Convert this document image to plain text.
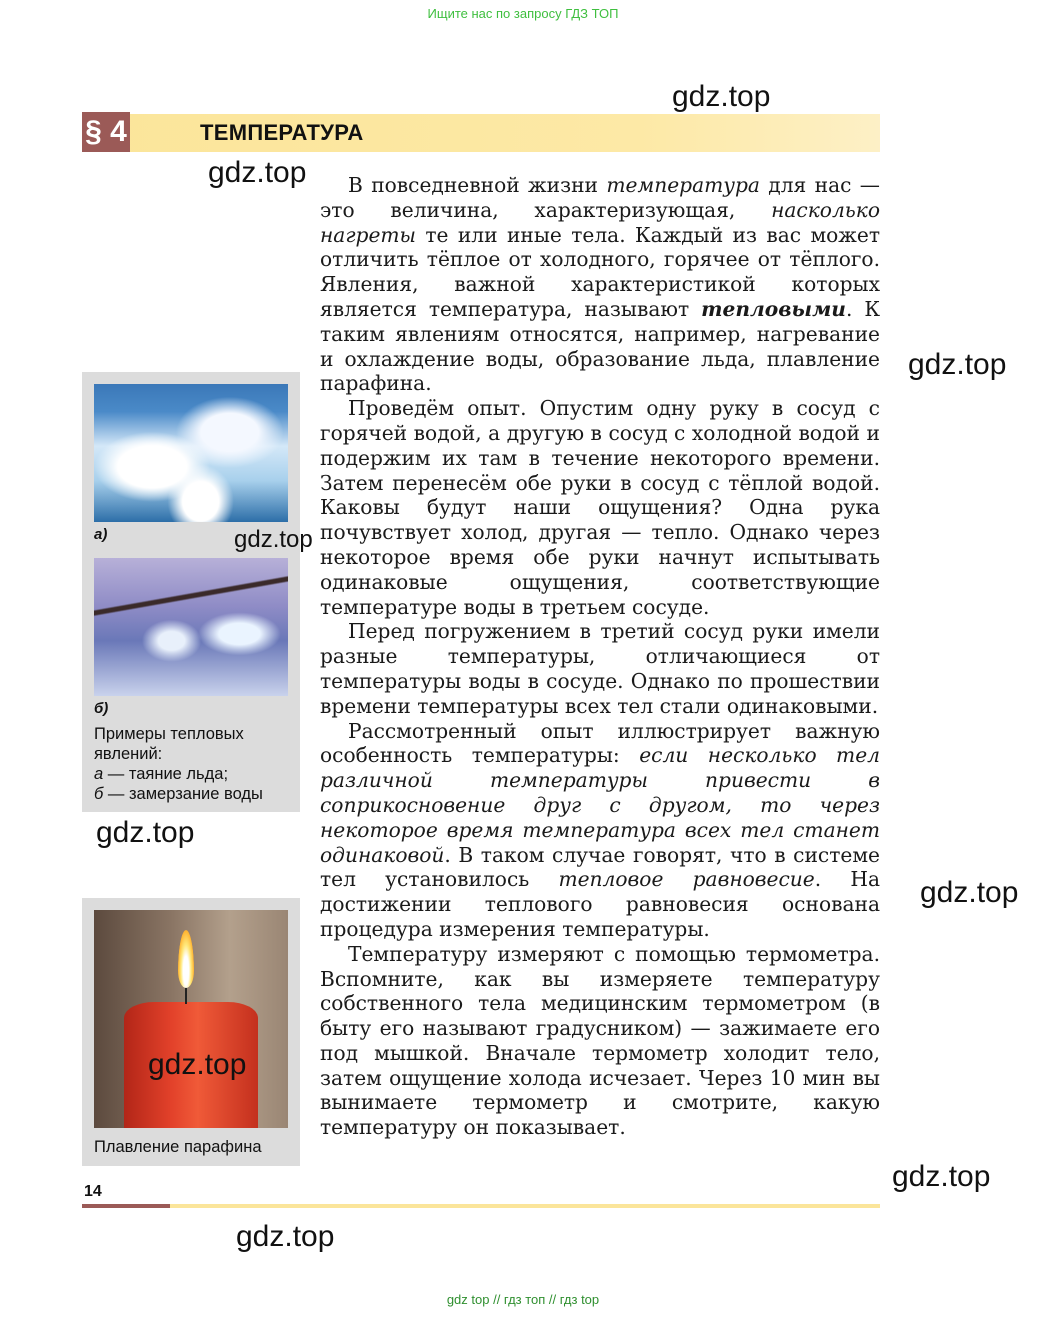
Ищите нас по запросу ГДЗ ТОП
§ 4	ТЕМПЕРАТУРА
а)
б)
Примеры тепловых явлений:
а — таяние льда;
б — замерзание воды
Плавление парафина

В повседневной жизни температура для нас — это величина, характеризующая, насколько нагреты те или иные тела. Каждый из вас может отличить тёплое от холодного, горячее от тёплого. Явления, важной характеристикой которых является температура, называют тепловыми. К таким явлениям относятся, например, нагревание и охлаждение воды, образование льда, плавление парафина.

Проведём опыт. Опустим одну руку в сосуд с горячей водой, а другую в сосуд с холодной водой и подержим их там в течение некоторого времени. Затем перенесём обе руки в сосуд с тёплой водой. Каковы будут наши ощущения? Одна рука почувствует холод, другая — тепло. Однако через некоторое время обе руки начнут испытывать одинаковые ощущения, соответствующие температуре воды в третьем сосуде.

Перед погружением в третий сосуд руки имели разные температуры, отличающиеся от температуры воды в сосуде. Однако по прошествии времени температуры всех тел стали одинаковыми.

Рассмотренный опыт иллюстрирует важную особенность температуры: если несколько тел различной температуры привести в соприкосновение друг с другом, то через некоторое время температура всех тел станет одинаковой. В таком случае говорят, что в системе тел установилось тепловое равновесие. На достижении теплового равновесия основана процедура измерения температуры.

Температуру измеряют с помощью термометра. Вспомните, как вы измеряете температуру собственного тела медицинским термометром (в быту его называют градусником) — зажимаете его под мышкой. Вначале термометр холодит тело, затем ощущение холода исчезает. Через 10 мин вы вынимаете термометр и смотрите, какую температуру он показывает.

14
gdz.top
gdz.top
gdz.top
gdz.top
gdz.top
gdz.top
gdz.top
gdz.top
gdz.top
gdz top // гдз топ // гдз top
